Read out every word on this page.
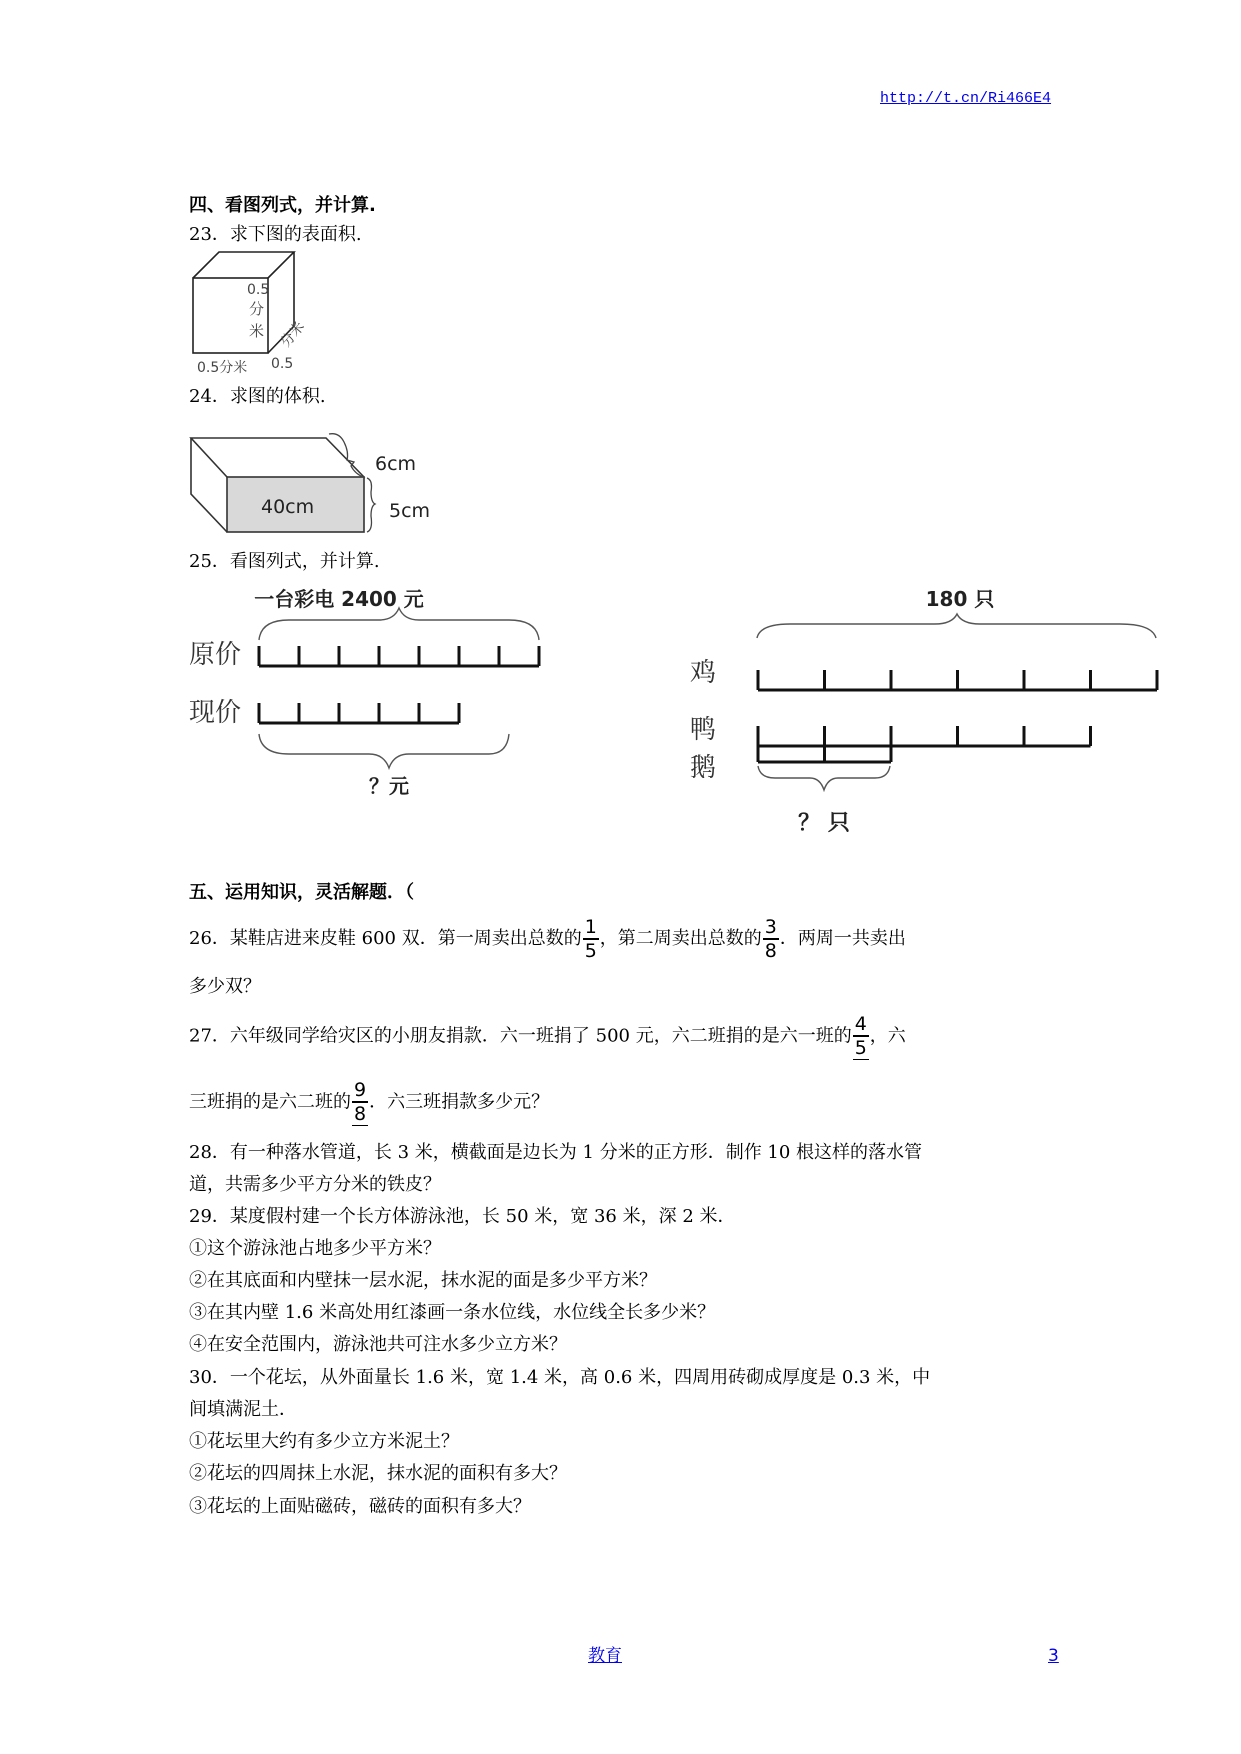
http://t.cn/Ri466E4
四、看图列式，并计算.
23．求下图的表面积.
0.5
分
米
0.5分米 0.5
分米
24．求图的体积.
40cm
6cm
5cm
25．看图列式，并计算.
一台彩电 2400 元
原价
现价
？元
180 只
鸡
鸭
鹅
？ 只
五、运用知识，灵活解题．（
26．某鞋店进来皮鞋 600 双．第一周卖出总数的 $\frac{1}{5}$ ，第二周卖出总数的 $\frac{3}{8}$ ．两周一共卖出
多少双？
27．六年级同学给灾区的小朋友捐款．六一班捐了 500 元，六二班捐的是六一班的 $\frac{4}{5}$ ，六
三班捐的是六二班的 $\frac{9}{8}$ ．六三班捐款多少元？
28．有一种落水管道，长 3 米，横截面是边长为 1 分米的正方形．制作 10 根这样的落水管
道，共需多少平方分米的铁皮？
29．某度假村建一个长方体游泳池，长 50 米，宽 36 米，深 2 米．
①这个游泳池占地多少平方米？
②在其底面和内壁抹一层水泥，抹水泥的面是多少平方米？
③在其内壁 1.6 米高处用红漆画一条水位线，水位线全长多少米？
④在安全范围内，游泳池共可注水多少立方米？
30．一个花坛，从外面量长 1.6 米，宽 1.4 米，高 0.6 米，四周用砖砌成厚度是 0.3 米，中
间填满泥土．
①花坛里大约有多少立方米泥土？
②花坛的四周抹上水泥，抹水泥的面积有多大？
③花坛的上面贴磁砖，磁砖的面积有多大？
教育	3
